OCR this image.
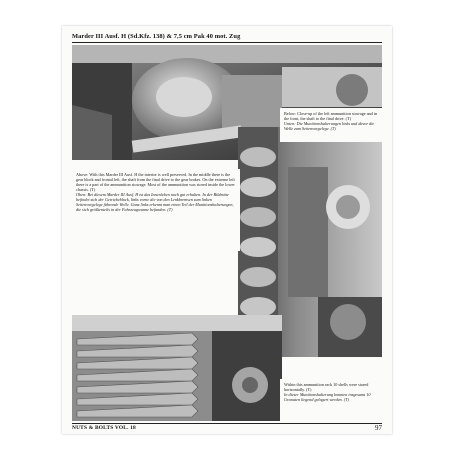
Marder III Ausf. H (Sd.Kfz. 138) & 7,5 cm Pak 40 mot. Zug
Below: Close-up of the left ammunition stowage and in the front, the shaft to the final drive. (T)
Unten: Die Munitionshalterungen links und davor die Welle zum Seitenvorgelege. (T)
Above: With this Marder III Ausf. H the interior is well preserved. In the middle there is the gear block and frontal left, the shaft from the final drive to the gear brakes. On the extreme left there is a part of the ammunition stowage. Most of the ammunition was stored inside the lower chassis. (T)
Oben: Bei diesem Marder III Ausf. H ist das Innenleben noch gut erhalten. In der Bildmitte befindet sich der Getriebeblock, links vorne die von den Lenkbremsen zum linken Seitenvorgelege führende Welle. Ganz links erkennt man einen Teil der Munitionshalterungen, die sich größtenteils in der Fahrzeugwanne befanden. (T)
Within this ammunition rack 10 shells were stored horizontally. (T)
In dieser Munitionshalterung konnten insgesamt 10 Granaten liegend gelagert werden. (T)
NUTS & BOLTS VOL. 18	97
